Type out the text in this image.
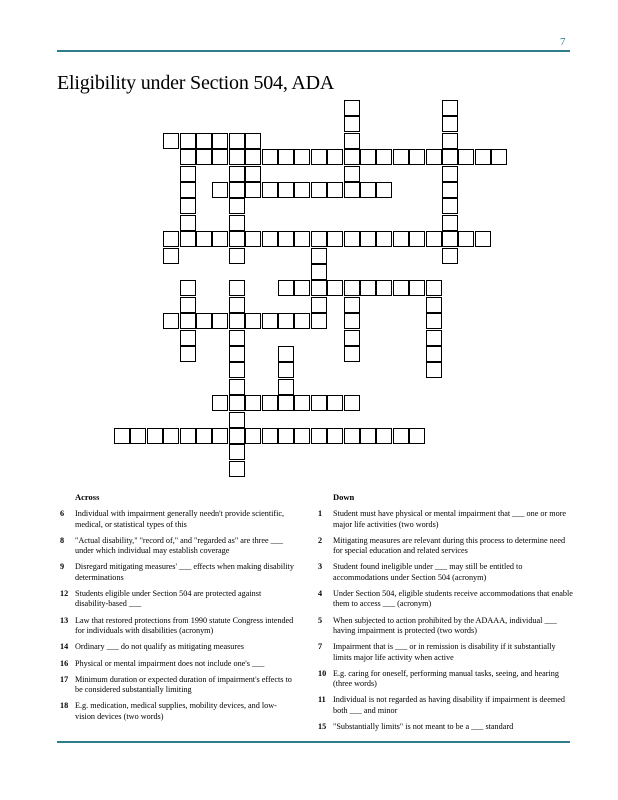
7
Eligibility under Section 504, ADA
Across
6	Individual with impairment generally needn't provide scientific, medical, or statistical types of this
8	"Actual disability," "record of," and "regarded as" are three ___ under which individual may establish coverage
9	Disregard mitigating measures' ___ effects when making disability determinations
12 Students eligible under Section 504 are protected against disability-based ___
13 Law that restored protections from 1990 statute Congress intended for individuals with disabilities (acronym)
14 Ordinary ___ do not qualify as mitigating measures
16 Physical or mental impairment does not include one's ___
17 Minimum duration or expected duration of impairment's effects to be considered substantially limiting
18 E.g. medication, medical supplies, mobility devices, and low-vision devices (two words)
Down
1	Student must have physical or mental impairment that ___ one or more major life activities (two words)
2	Mitigating measures are relevant during this process to determine need for special education and related services
3	Student found ineligible under ___ may still be entitled to accommodations under Section 504 (acronym)
4	Under Section 504, eligible students receive accommodations that enable them to access ___ (acronym)
5	When subjected to action prohibited by the ADAAA, individual ___ having impairment is protected (two words)
7	Impairment that is ___ or in remission is disability if it substantially limits major life activity when active
10 E.g. caring for oneself, performing manual tasks, seeing, and hearing (three words)
11 Individual is not regarded as having disability if impairment is deemed both ___ and minor
15 "Substantially limits" is not meant to be a ___ standard
